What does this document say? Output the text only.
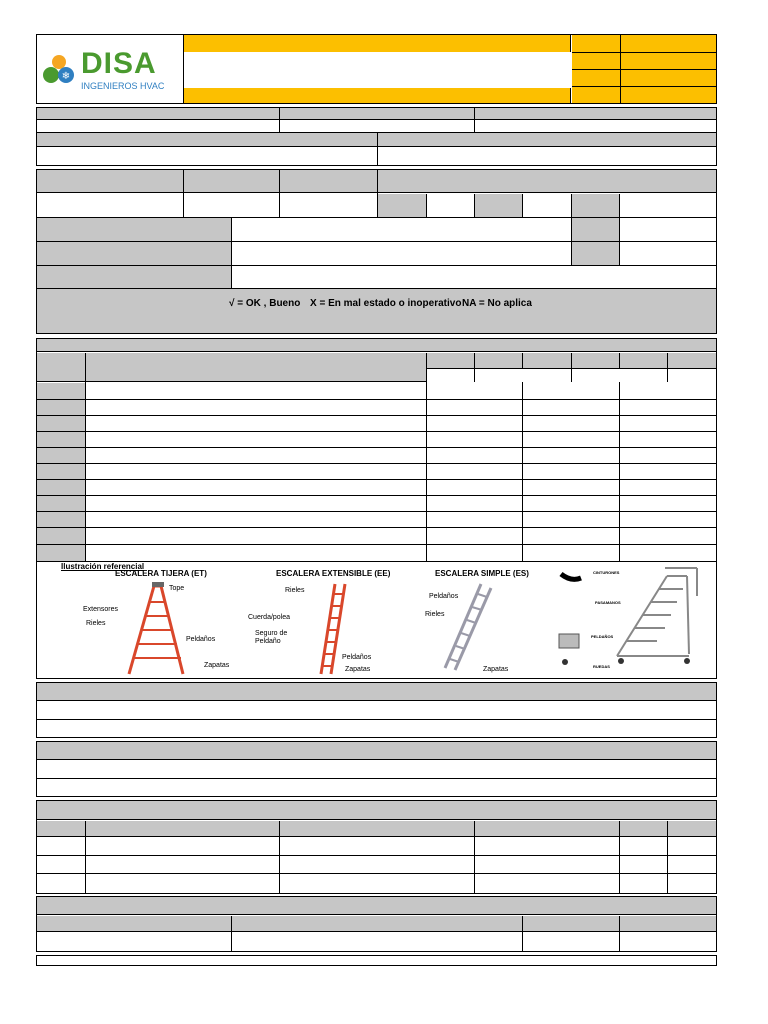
❄ DISA
INGENIEROS HVAC
√ = OK , Bueno X = En mal estado o inoperativo NA = No aplica
Ilustración referencial
ESCALERA TIJERA (ET)
Tope
Extensores
Rieles
Peldaños
Zapatas
ESCALERA EXTENSIBLE (EE)
Rieles
Cuerda/polea
Seguro de Peldaño
Peldaños
Zapatas
ESCALERA SIMPLE (ES)
Peldaños
Rieles
Zapatas
CINTURONES
PASAMANOS
PELDAÑOS
RUEDAS
